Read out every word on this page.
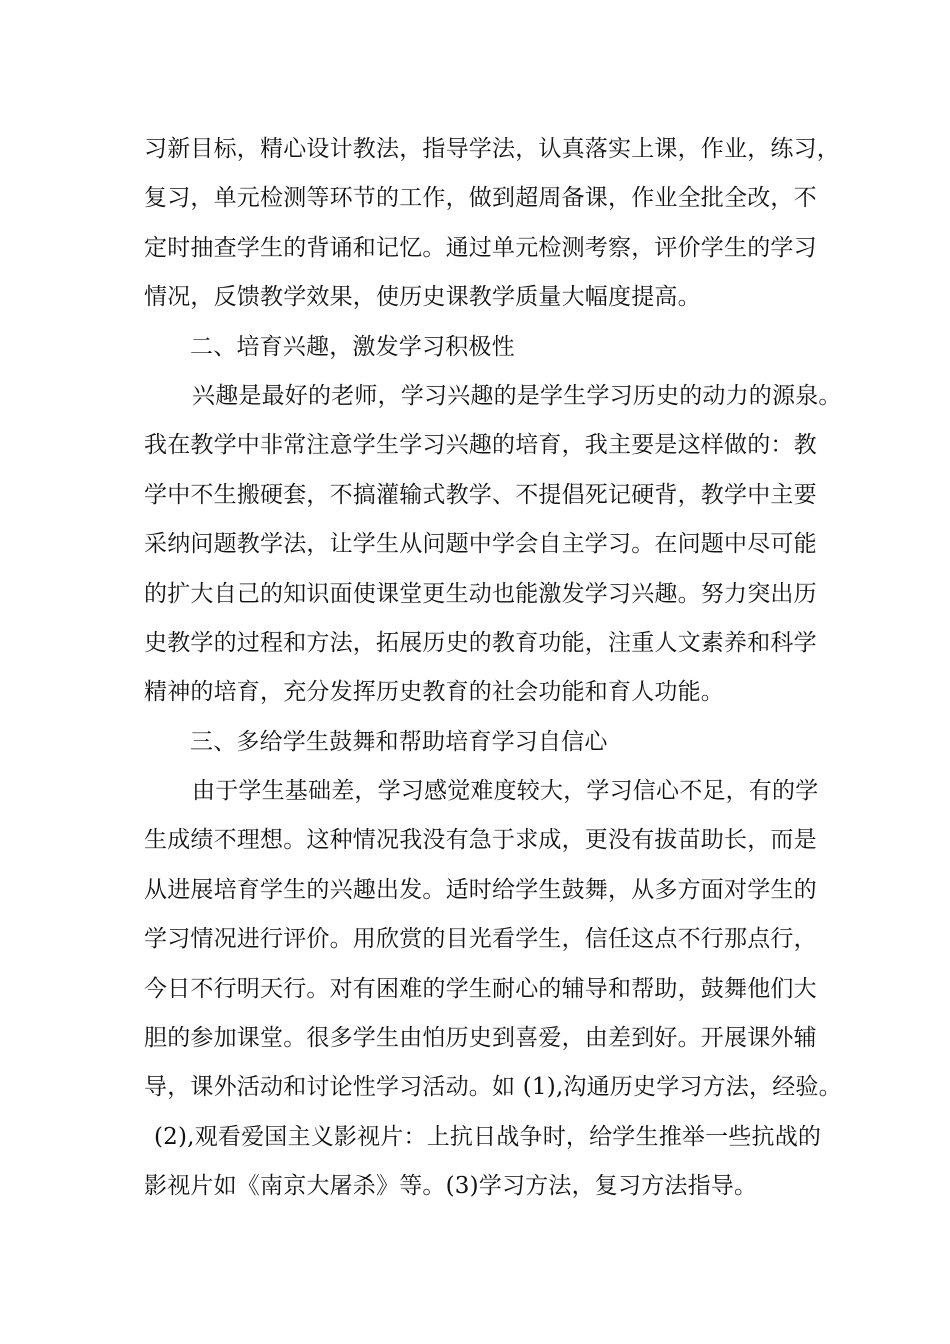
习新目标，精心设计教法，指导学法，认真落实上课，作业，练习，
复习，单元检测等环节的工作，做到超周备课，作业全批全改，不
定时抽查学生的背诵和记忆。通过单元检测考察，评价学生的学习
情况，反馈教学效果，使历史课教学质量大幅度提高。
二、培育兴趣，激发学习积极性
兴趣是最好的老师，学习兴趣的是学生学习历史的动力的源泉。
我在教学中非常注意学生学习兴趣的培育，我主要是这样做的：教
学中不生搬硬套，不搞灌输式教学、不提倡死记硬背，教学中主要
采纳问题教学法，让学生从问题中学会自主学习。在问题中尽可能
的扩大自己的知识面使课堂更生动也能激发学习兴趣。努力突出历
史教学的过程和方法，拓展历史的教育功能，注重人文素养和科学
精神的培育，充分发挥历史教育的社会功能和育人功能。
三、多给学生鼓舞和帮助培育学习自信心
由于学生基础差，学习感觉难度较大，学习信心不足，有的学
生成绩不理想。这种情况我没有急于求成，更没有拔苗助长，而是
从进展培育学生的兴趣出发。适时给学生鼓舞，从多方面对学生的
学习情况进行评价。用欣赏的目光看学生，信任这点不行那点行，
今日不行明天行。对有困难的学生耐心的辅导和帮助，鼓舞他们大
胆的参加课堂。很多学生由怕历史到喜爱，由差到好。开展课外辅
导，课外活动和讨论性学习活动。如 (1),沟通历史学习方法，经验。
(2),观看爱国主义影视片：上抗日战争时，给学生推举一些抗战的
影视片如《南京大屠杀》等。(3)学习方法，复习方法指导。
